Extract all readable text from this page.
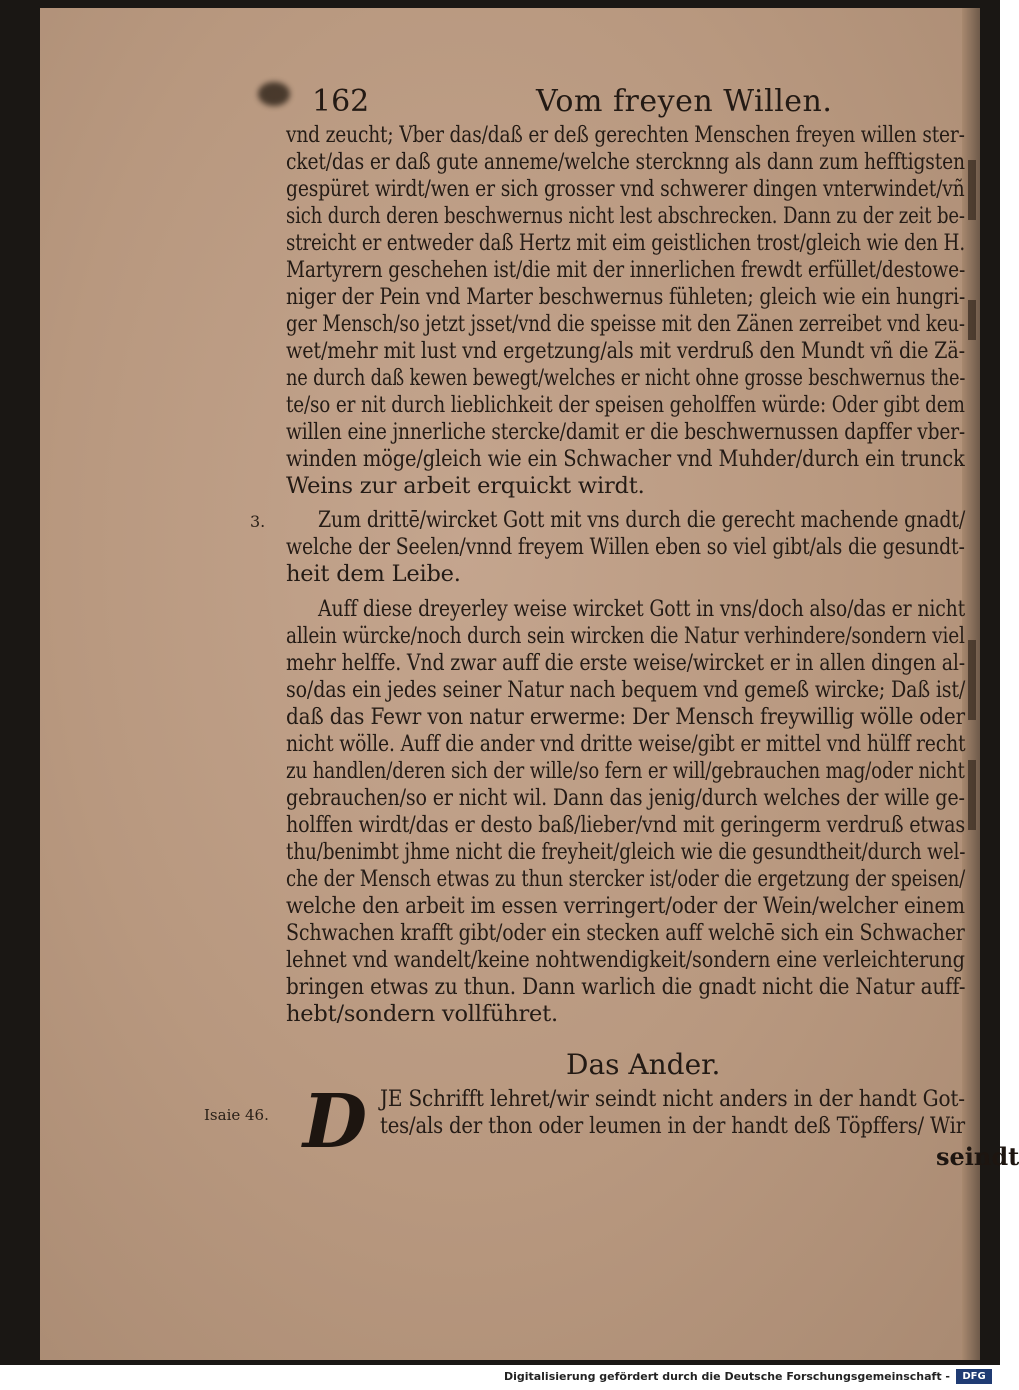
162	Vom freyen Willen.
vnd zeucht; Vber das/daß er deß gerechten Menschen freyen willen ster-
cket/das er daß gute anneme/welche stercknng als dann zum hefftigsten
gespüret wirdt/wen er sich grosser vnd schwerer dingen vnterwindet/vñ
sich durch deren beschwernus nicht lest abschrecken. Dann zu der zeit be-
streicht er entweder daß Hertz mit eim geistlichen trost/gleich wie den H.
Martyrern geschehen ist/die mit der innerlichen frewdt erfüllet/destowe-
niger der Pein vnd Marter beschwernus fühleten; gleich wie ein hungri-
ger Mensch/so jetzt jsset/vnd die speisse mit den Zänen zerreibet vnd keu-
wet/mehr mit lust vnd ergetzung/als mit verdruß den Mundt vñ die Zä-
ne durch daß kewen bewegt/welches er nicht ohne grosse beschwernus the-
te/so er nit durch lieblichkeit der speisen geholffen würde: Oder gibt dem
willen eine jnnerliche stercke/damit er die beschwernussen dapffer vber-
winden möge/gleich wie ein Schwacher vnd Muhder/durch ein trunck
Weins zur arbeit erquickt wirdt.
3. Zum drittē/wircket Gott mit vns durch die gerecht machende gnadt/
welche der Seelen/vnnd freyem Willen eben so viel gibt/als die gesundt-
heit dem Leibe.
Auff diese dreyerley weise wircket Gott in vns/doch also/das er nicht
allein würcke/noch durch sein wircken die Natur verhindere/sondern viel
mehr helffe. Vnd zwar auff die erste weise/wircket er in allen dingen al-
so/das ein jedes seiner Natur nach bequem vnd gemeß wircke; Daß ist/
daß das Fewr von natur erwerme: Der Mensch freywillig wölle oder
nicht wölle. Auff die ander vnd dritte weise/gibt er mittel vnd hülff recht
zu handlen/deren sich der wille/so fern er will/gebrauchen mag/oder nicht
gebrauchen/so er nicht wil. Dann das jenig/durch welches der wille ge-
holffen wirdt/das er desto baß/lieber/vnd mit geringerm verdruß etwas
thu/benimbt jhme nicht die freyheit/gleich wie die gesundtheit/durch wel-
che der Mensch etwas zu thun stercker ist/oder die ergetzung der speisen/
welche den arbeit im essen verringert/oder der Wein/welcher einem
Schwachen krafft gibt/oder ein stecken auff welchē sich ein Schwacher
lehnet vnd wandelt/keine nohtwendigkeit/sondern eine verleichterung
bringen etwas zu thun. Dann warlich die gnadt nicht die Natur auff-
hebt/sondern vollführet.
Das Ander.
Isaie 46. D JE Schrifft lehret/wir seindt nicht anders in der handt Got-
tes/als der thon oder leumen in der handt deß Töpffers/ Wir
seindt
Digitalisierung gefördert durch die Deutsche Forschungsgemeinschaft -	DFG
